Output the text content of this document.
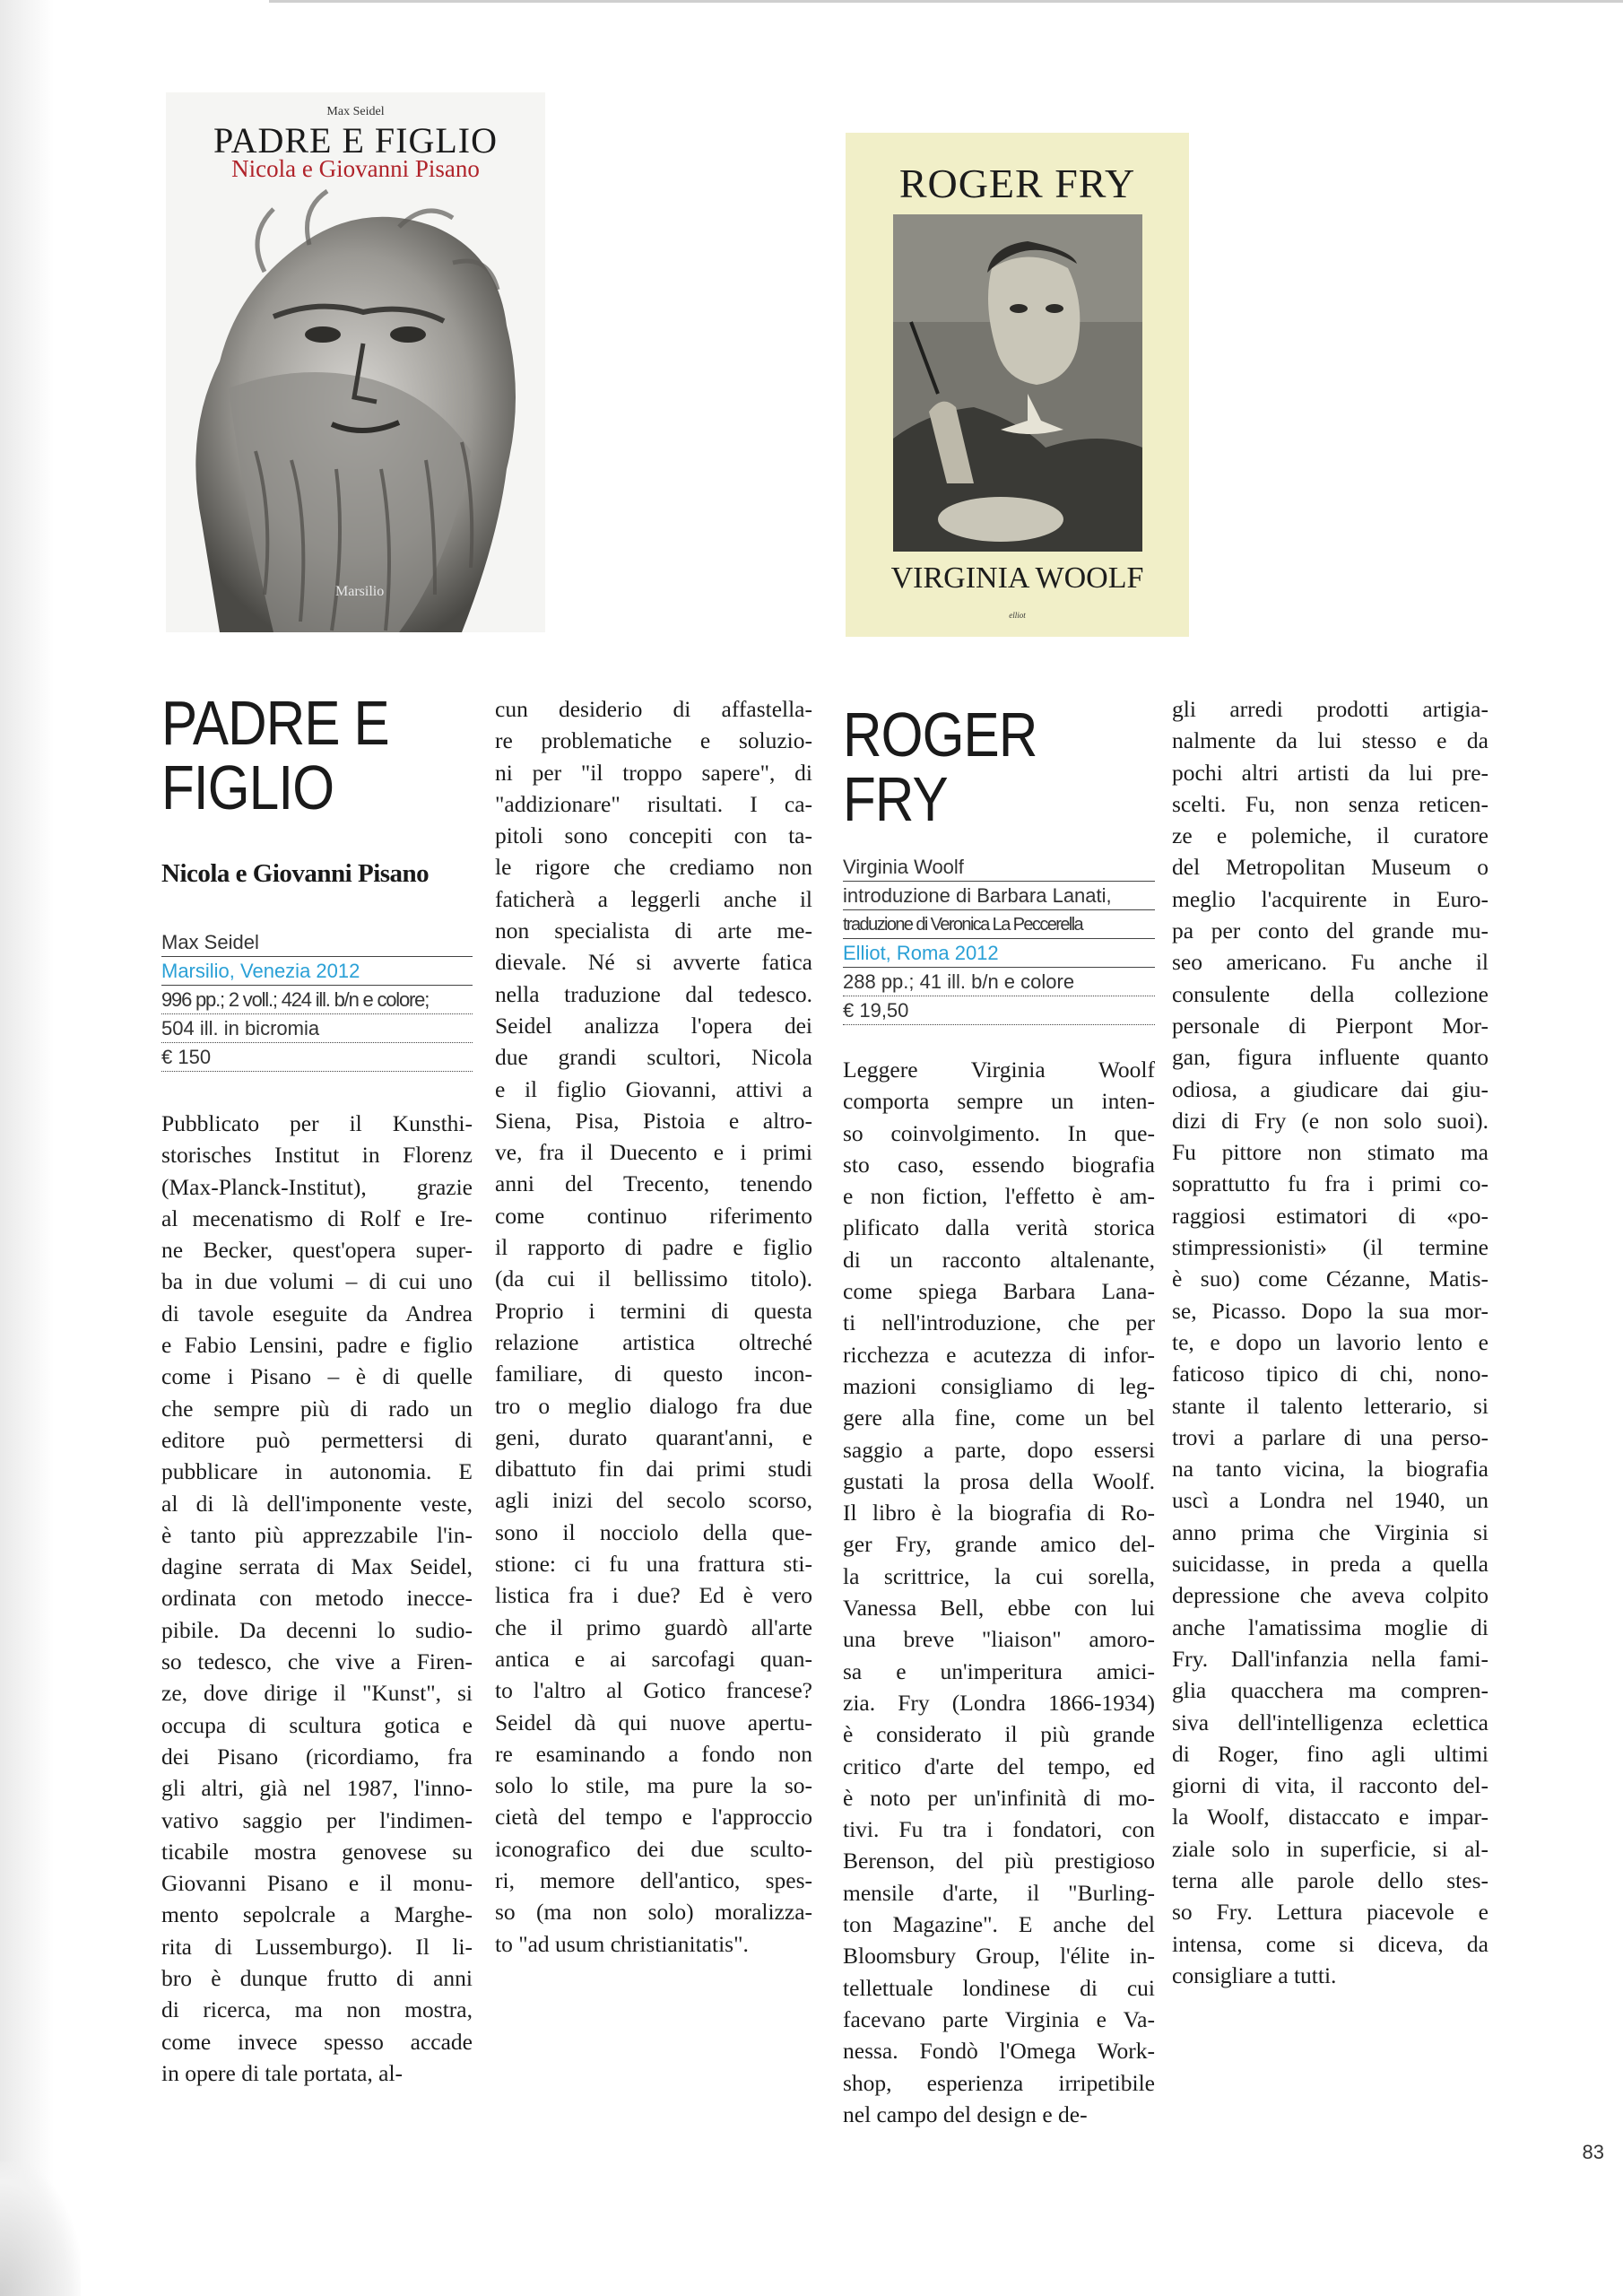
Max Seidel
PADRE E FIGLIO
Nicola e Giovanni Pisano
Marsilio
ROGER FRY
VIRGINIA WOOLF
elliot
PADRE E
FIGLIO
Nicola e Giovanni Pisano
Max Seidel
Marsilio, Venezia 2012
996 pp.; 2 voll.; 424 ill. b/n e colore;
504 ill. in bicromia
€ 150

Pubblicato per il Kunsthi-
storisches Institut in Florenz
(Max-Planck-Institut), grazie
al mecenatismo di Rolf e Ire-
ne Becker, quest'opera super-
ba in due volumi – di cui uno
di tavole eseguite da Andrea
e Fabio Lensini, padre e figlio
come i Pisano – è di quelle
che sempre più di rado un
editore può permettersi di
pubblicare in autonomia. E
al di là dell'imponente veste,
è tanto più apprezzabile l'in-
dagine serrata di Max Seidel,
ordinata con metodo inecce-
pibile. Da decenni lo sudio-
so tedesco, che vive a Firen-
ze, dove dirige il "Kunst", si
occupa di scultura gotica e
dei Pisano (ricordiamo, fra
gli altri, già nel 1987, l'inno-
vativo saggio per l'indimen-
ticabile mostra genovese su
Giovanni Pisano e il monu-
mento sepolcrale a Marghe-
rita di Lussemburgo). Il li-
bro è dunque frutto di anni
di ricerca, ma non mostra,
come invece spesso accade
in opere di tale portata, al-

cun desiderio di affastella-
re problematiche e soluzio-
ni per "il troppo sapere", di
"addizionare" risultati. I ca-
pitoli sono concepiti con ta-
le rigore che crediamo non
faticherà a leggerli anche il
non specialista di arte me-
dievale. Né si avverte fatica
nella traduzione dal tedesco.
Seidel analizza l'opera dei
due grandi scultori, Nicola
e il figlio Giovanni, attivi a
Siena, Pisa, Pistoia e altro-
ve, fra il Duecento e i primi
anni del Trecento, tenendo
come continuo riferimento
il rapporto di padre e figlio
(da cui il bellissimo titolo).
Proprio i termini di questa
relazione artistica oltreché
familiare, di questo incon-
tro o meglio dialogo fra due
geni, durato quarant'anni, e
dibattuto fin dai primi studi
agli inizi del secolo scorso,
sono il nocciolo della que-
stione: ci fu una frattura sti-
listica fra i due? Ed è vero
che il primo guardò all'arte
antica e ai sarcofagi quan-
to l'altro al Gotico francese?
Seidel dà qui nuove apertu-
re esaminando a fondo non
solo lo stile, ma pure la so-
cietà del tempo e l'approccio
iconografico dei due sculto-
ri, memore dell'antico, spes-
so (ma non solo) moralizza-
to "ad usum christianitatis".

ROGER FRY
Virginia Woolf
introduzione di Barbara Lanati,
traduzione di Veronica La Peccerella
Elliot, Roma 2012
288 pp.; 41 ill. b/n e colore
€ 19,50

Leggere Virginia Woolf
comporta sempre un inten-
so coinvolgimento. In que-
sto caso, essendo biografia
e non fiction, l'effetto è am-
plificato dalla verità storica
di un racconto altalenante,
come spiega Barbara Lana-
ti nell'introduzione, che per
ricchezza e acutezza di infor-
mazioni consigliamo di leg-
gere alla fine, come un bel
saggio a parte, dopo essersi
gustati la prosa della Woolf.
Il libro è la biografia di Ro-
ger Fry, grande amico del-
la scrittrice, la cui sorella,
Vanessa Bell, ebbe con lui
una breve "liaison" amoro-
sa e un'imperitura amici-
zia. Fry (Londra 1866-1934)
è considerato il più grande
critico d'arte del tempo, ed
è noto per un'infinità di mo-
tivi. Fu tra i fondatori, con
Berenson, del più prestigioso
mensile d'arte, il "Burling-
ton Magazine". E anche del
Bloomsbury Group, l'élite in-
tellettuale londinese di cui
facevano parte Virginia e Va-
nessa. Fondò l'Omega Work-
shop, esperienza irripetibile
nel campo del design e de-

gli arredi prodotti artigia-
nalmente da lui stesso e da
pochi altri artisti da lui pre-
scelti. Fu, non senza reticen-
ze e polemiche, il curatore
del Metropolitan Museum o
meglio l'acquirente in Euro-
pa per conto del grande mu-
seo americano. Fu anche il
consulente della collezione
personale di Pierpont Mor-
gan, figura influente quanto
odiosa, a giudicare dai giu-
dizi di Fry (e non solo suoi).
Fu pittore non stimato ma
soprattutto fu fra i primi co-
raggiosi estimatori di «po-
stimpressionisti» (il termine
è suo) come Cézanne, Matis-
se, Picasso. Dopo la sua mor-
te, e dopo un lavorio lento e
faticoso tipico di chi, nono-
stante il talento letterario, si
trovi a parlare di una perso-
na tanto vicina, la biografia
uscì a Londra nel 1940, un
anno prima che Virginia si
suicidasse, in preda a quella
depressione che aveva colpito
anche l'amatissima moglie di
Fry. Dall'infanzia nella fami-
glia quacchera ma compren-
siva dell'intelligenza eclettica
di Roger, fino agli ultimi
giorni di vita, il racconto del-
la Woolf, distaccato e impar-
ziale solo in superficie, si al-
terna alle parole dello stes-
so Fry. Lettura piacevole e
intensa, come si diceva, da
consigliare a tutti.

83
